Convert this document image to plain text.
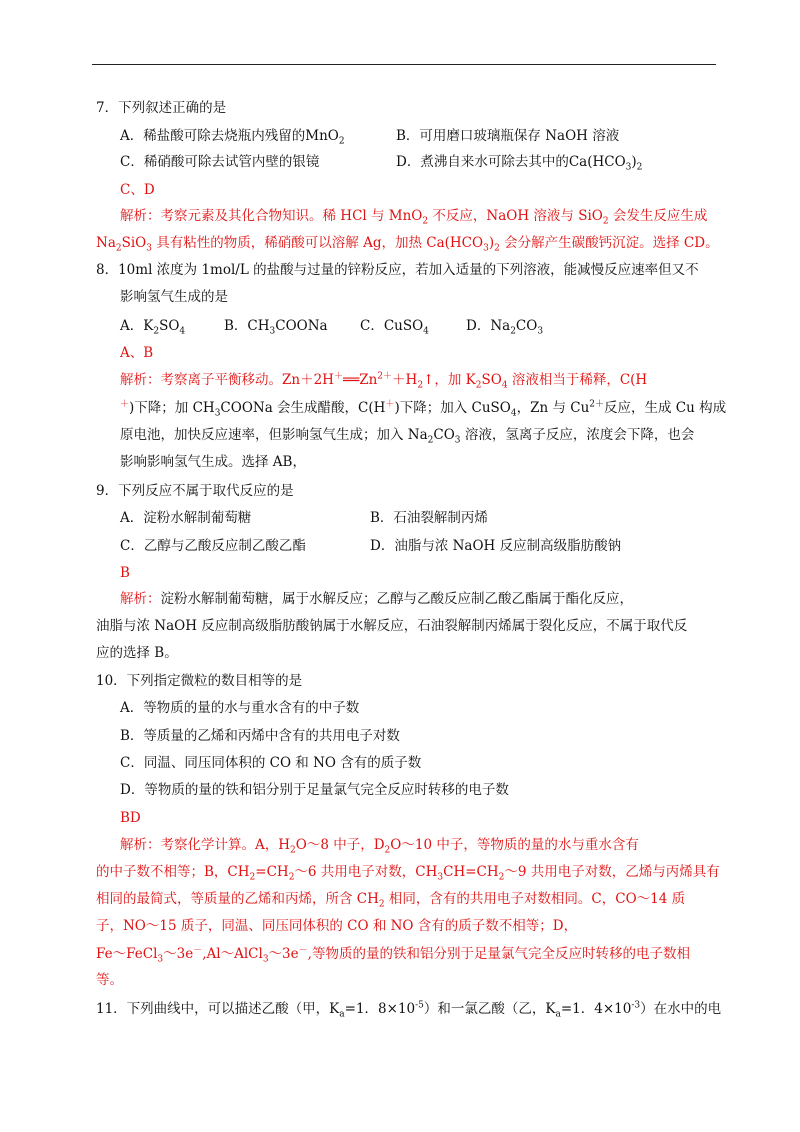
7．下列叙述正确的是
A．稀盐酸可除去烧瓶内残留的MnO$_2$	B．可用磨口玻璃瓶保存 NaOH 溶液
C．稀硝酸可除去试管内壁的银镜	D．煮沸自来水可除去其中的$Ca(HCO_3)_2$
C、D
解析：考察元素及其化合物知识。稀 HCl 与 MnO$_2$ 不反应，NaOH 溶液与 SiO$_2$ 会发生反应生成
$Na_2SiO_3$ 具有粘性的物质，稀硝酸可以溶解 Ag，加热 $Ca(HCO_3)_2$ 会分解产生碳酸钙沉淀。选择 CD。
8．10ml 浓度为 1mol/L 的盐酸与过量的锌粉反应，若加入适量的下列溶液，能减慢反应速率但又不
影响氢气生成的是
A．$K_2SO_4$	B．$CH_3COONa$ C．CuSO$_4$	D．$Na_2CO_3$
A、B
解析：考察离子平衡移动。$Zn+2H^+══Zn^{2+}+H_2↑$，加 $K_2SO_4$ 溶液相当于稀释，C(H
＋)下降；加 $CH_3COONa$ 会生成醋酸，C(H＋)下降；加入 CuSO$_4$，Zn 与 $Cu^{2+}$反应，生成 Cu 构成
原电池，加快反应速率，但影响氢气生成；加入 $Na_2CO_3$ 溶液，氢离子反应，浓度会下降，也会
影响影响氢气生成。选择 AB，
9．下列反应不属于取代反应的是
A．淀粉水解制葡萄糖	B．石油裂解制丙烯
C．乙醇与乙酸反应制乙酸乙酯	D．油脂与浓 NaOH 反应制高级脂肪酸钠
B
解析：淀粉水解制葡萄糖，属于水解反应；乙醇与乙酸反应制乙酸乙酯属于酯化反应，
油脂与浓 NaOH 反应制高级脂肪酸钠属于水解反应，石油裂解制丙烯属于裂化反应，不属于取代反
应的选择 B。
10．下列指定微粒的数目相等的是
A．等物质的量的水与重水含有的中子数
B．等质量的乙烯和丙烯中含有的共用电子对数
C．同温、同压同体积的 CO 和 NO 含有的质子数
D．等物质的量的铁和铝分别于足量氯气完全反应时转移的电子数
BD
解析：考察化学计算。A，$H_2O\sim 8$ 中子，$D_2O\sim 10$ 中子，等物质的量的水与重水含有
的中子数不相等；B，$CH_2=CH_2\sim 6$ 共用电子对数，$CH_3CH=CH_2\sim 9$ 共用电子对数，乙烯与丙烯具有
相同的最简式，等质量的乙烯和丙烯，所含 $CH_2$ 相同，含有的共用电子对数相同。C，CO～14 质
子，NO～15 质子，同温、同压同体积的 CO 和 NO 含有的质子数不相等；D，
Fe～FeCl$_3$～3e－,Al～AlCl$_3$～3e－,等物质的量的铁和铝分别于足量氯气完全反应时转移的电子数相
等。
11．下列曲线中，可以描述乙酸（甲，$K_a=1$．$8\times 10^{-5}$）和一氯乙酸（乙，$K_a=1$．$4\times 10^{-3}$）在水中的电
